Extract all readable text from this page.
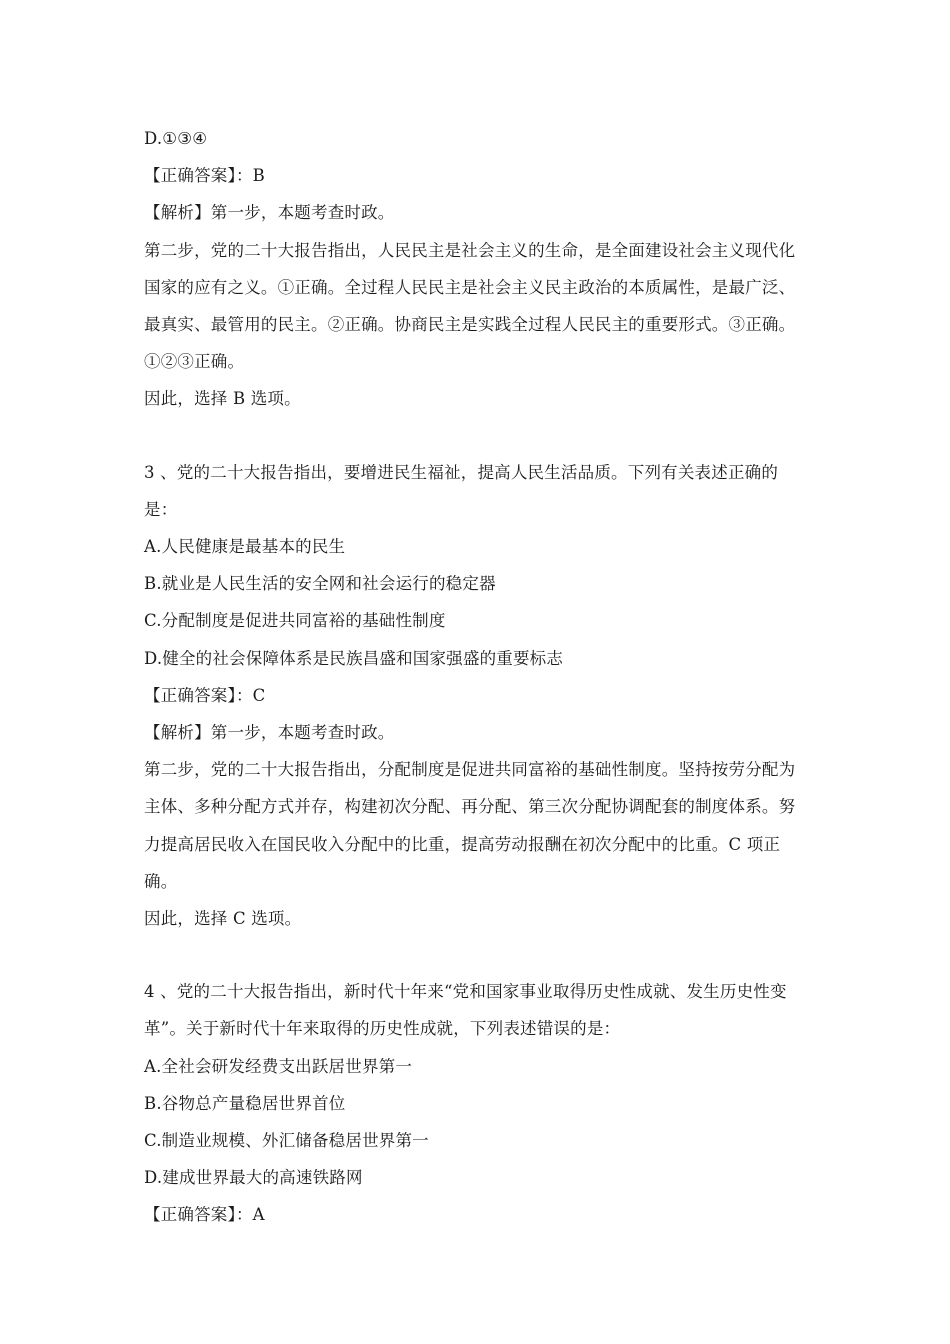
D.①③④

【正确答案】：B

【解析】第一步，本题考查时政。

第二步，党的二十大报告指出，人民民主是社会主义的生命，是全面建设社会主义现代化

国家的应有之义。①正确。全过程人民民主是社会主义民主政治的本质属性，是最广泛、

最真实、最管用的民主。②正确。协商民主是实践全过程人民民主的重要形式。③正确。

①②③正确。

因此，选择 B 选项。

3 、党的二十大报告指出，要增进民生福祉，提高人民生活品质。下列有关表述正确的

是：

A.人民健康是最基本的民生

B.就业是人民生活的安全网和社会运行的稳定器

C.分配制度是促进共同富裕的基础性制度

D.健全的社会保障体系是民族昌盛和国家强盛的重要标志

【正确答案】：C

【解析】第一步，本题考查时政。

第二步，党的二十大报告指出，分配制度是促进共同富裕的基础性制度。坚持按劳分配为

主体、多种分配方式并存，构建初次分配、再分配、第三次分配协调配套的制度体系。努

力提高居民收入在国民收入分配中的比重，提高劳动报酬在初次分配中的比重。C 项正

确。

因此，选择 C 选项。

4 、党的二十大报告指出，新时代十年来“党和国家事业取得历史性成就、发生历史性变

革”。关于新时代十年来取得的历史性成就，下列表述错误的是：

A.全社会研发经费支出跃居世界第一

B.谷物总产量稳居世界首位

C.制造业规模、外汇储备稳居世界第一

D.建成世界最大的高速铁路网

【正确答案】：A
